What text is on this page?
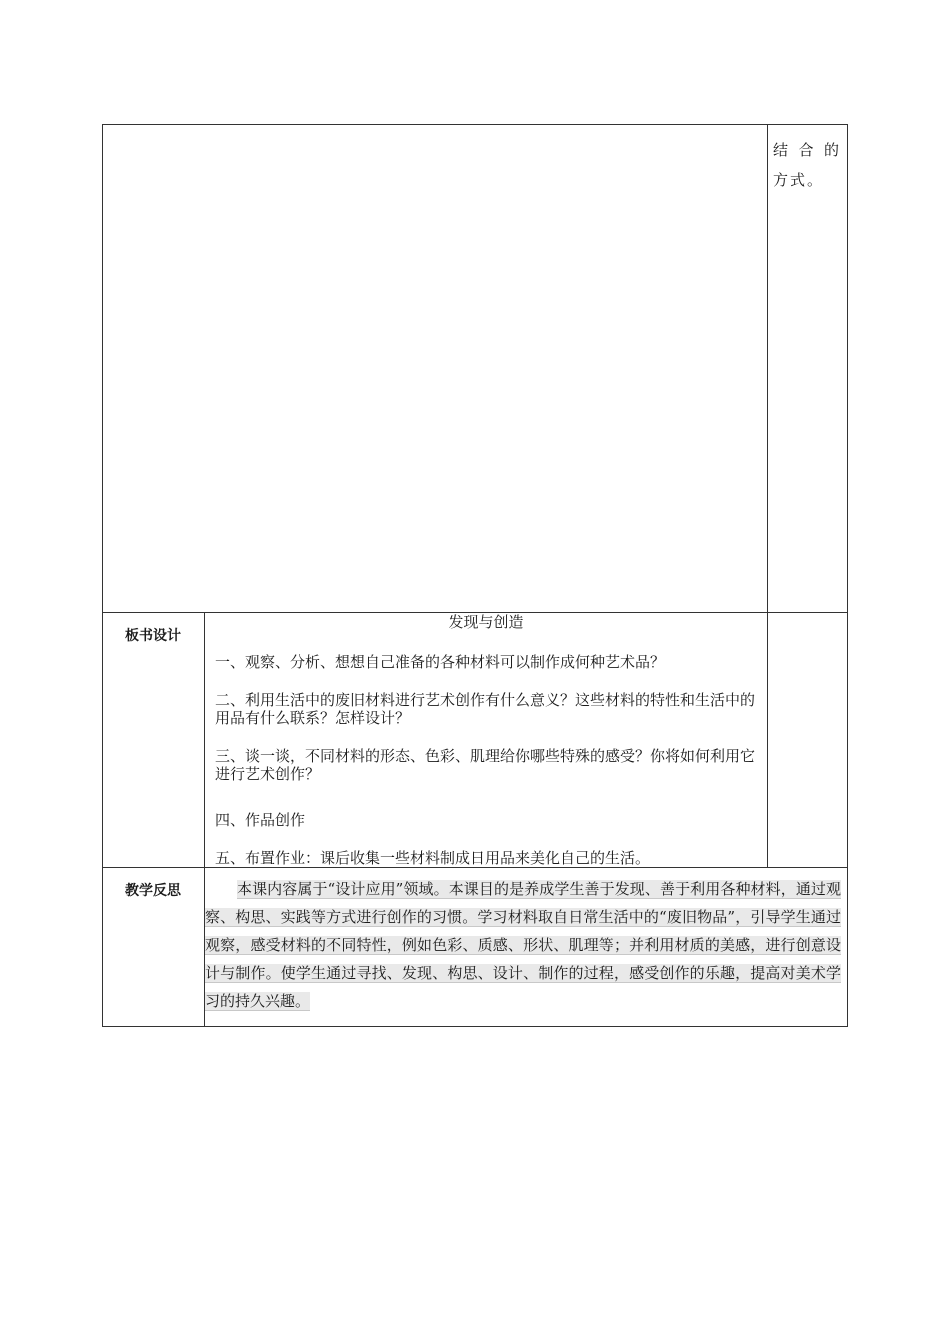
结合的
方式。
板书设计
发现与创造
一、观察、分析、想想自己准备的各种材料可以制作成何种艺术品？
二、利用生活中的废旧材料进行艺术创作有什么意义？这些材料的特性和生活中的用品有什么联系？怎样设计？
三、谈一谈，不同材料的形态、色彩、肌理给你哪些特殊的感受？你将如何利用它进行艺术创作？
四、作品创作
五、布置作业：课后收集一些材料制成日用品来美化自己的生活。
教学反思	本课内容属于“设计应用”领域。本课目的是养成学生善于发现、善于利用各种材料，通过观察、构思、实践等方式进行创作的习惯。学习材料取自日常生活中的“废旧物品”，引导学生通过观察，感受材料的不同特性，例如色彩、质感、形状、肌理等；并利用材质的美感，进行创意设计与制作。使学生通过寻找、发现、构思、设计、制作的过程，感受创作的乐趣，提高对美术学习的持久兴趣。
